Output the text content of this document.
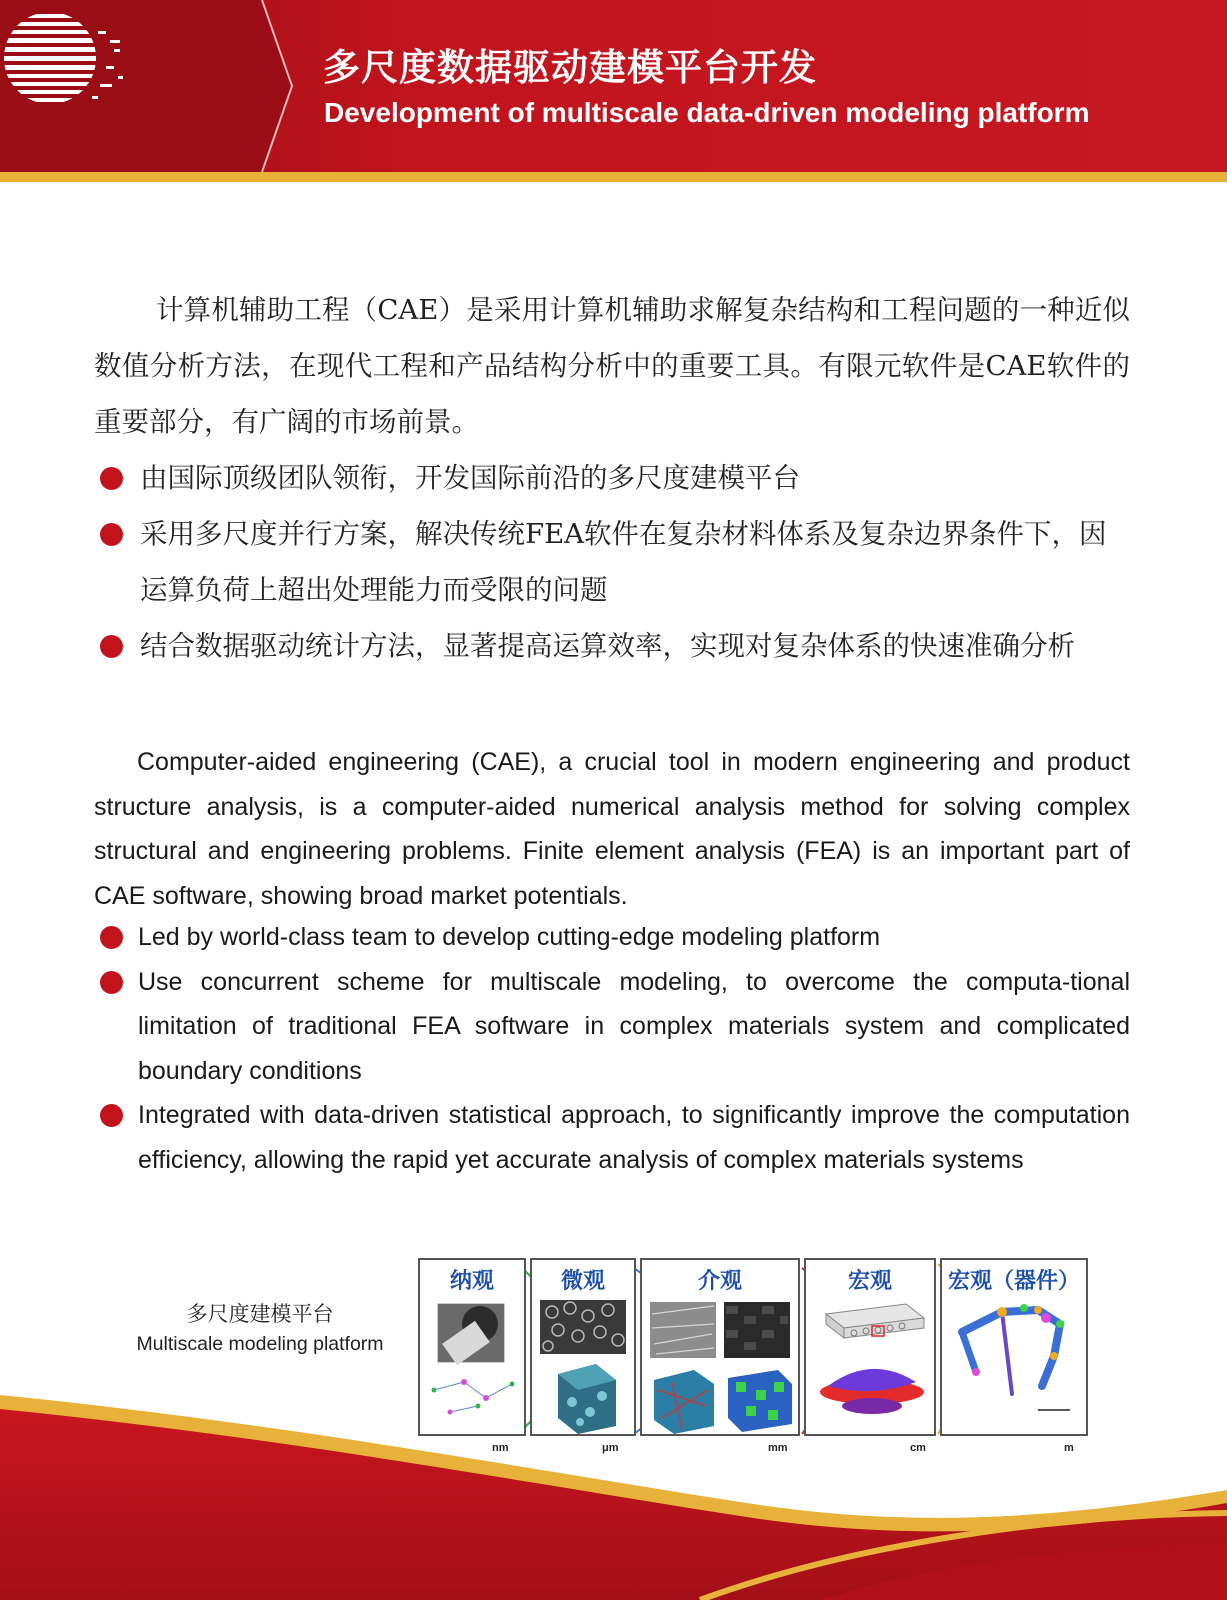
多尺度数据驱动建模平台开发
Development of multiscale data-driven modeling platform

计算机辅助工程（CAE）是采用计算机辅助求解复杂结构和工程问题的一种近似数值分析方法，在现代工程和产品结构分析中的重要工具。有限元软件是CAE软件的重要部分，有广阔的市场前景。

由国际顶级团队领衔，开发国际前沿的多尺度建模平台
采用多尺度并行方案，解决传统FEA软件在复杂材料体系及复杂边界条件下，因运算负荷上超出处理能力而受限的问题
结合数据驱动统计方法，显著提高运算效率，实现对复杂体系的快速准确分析

Computer-aided engineering (CAE), a crucial tool in modern engineering and product structure analysis, is a computer-aided numerical analysis method for solving complex structural and engineering problems. Finite element analysis (FEA) is an important part of CAE software, showing broad market potentials.

Led by world-class team to develop cutting-edge modeling platform
Use concurrent scheme for multiscale modeling, to overcome the computa-tional limitation of traditional FEA software in complex materials system and complicated boundary conditions
Integrated with data-driven statistical approach, to significantly improve the computation efficiency, allowing the rapid yet accurate analysis of complex materials systems

多尺度建模平台

Multiscale modeling platform

纳观	微观	介观	宏观	宏观（器件）
nm	μm	mm	cm	m
